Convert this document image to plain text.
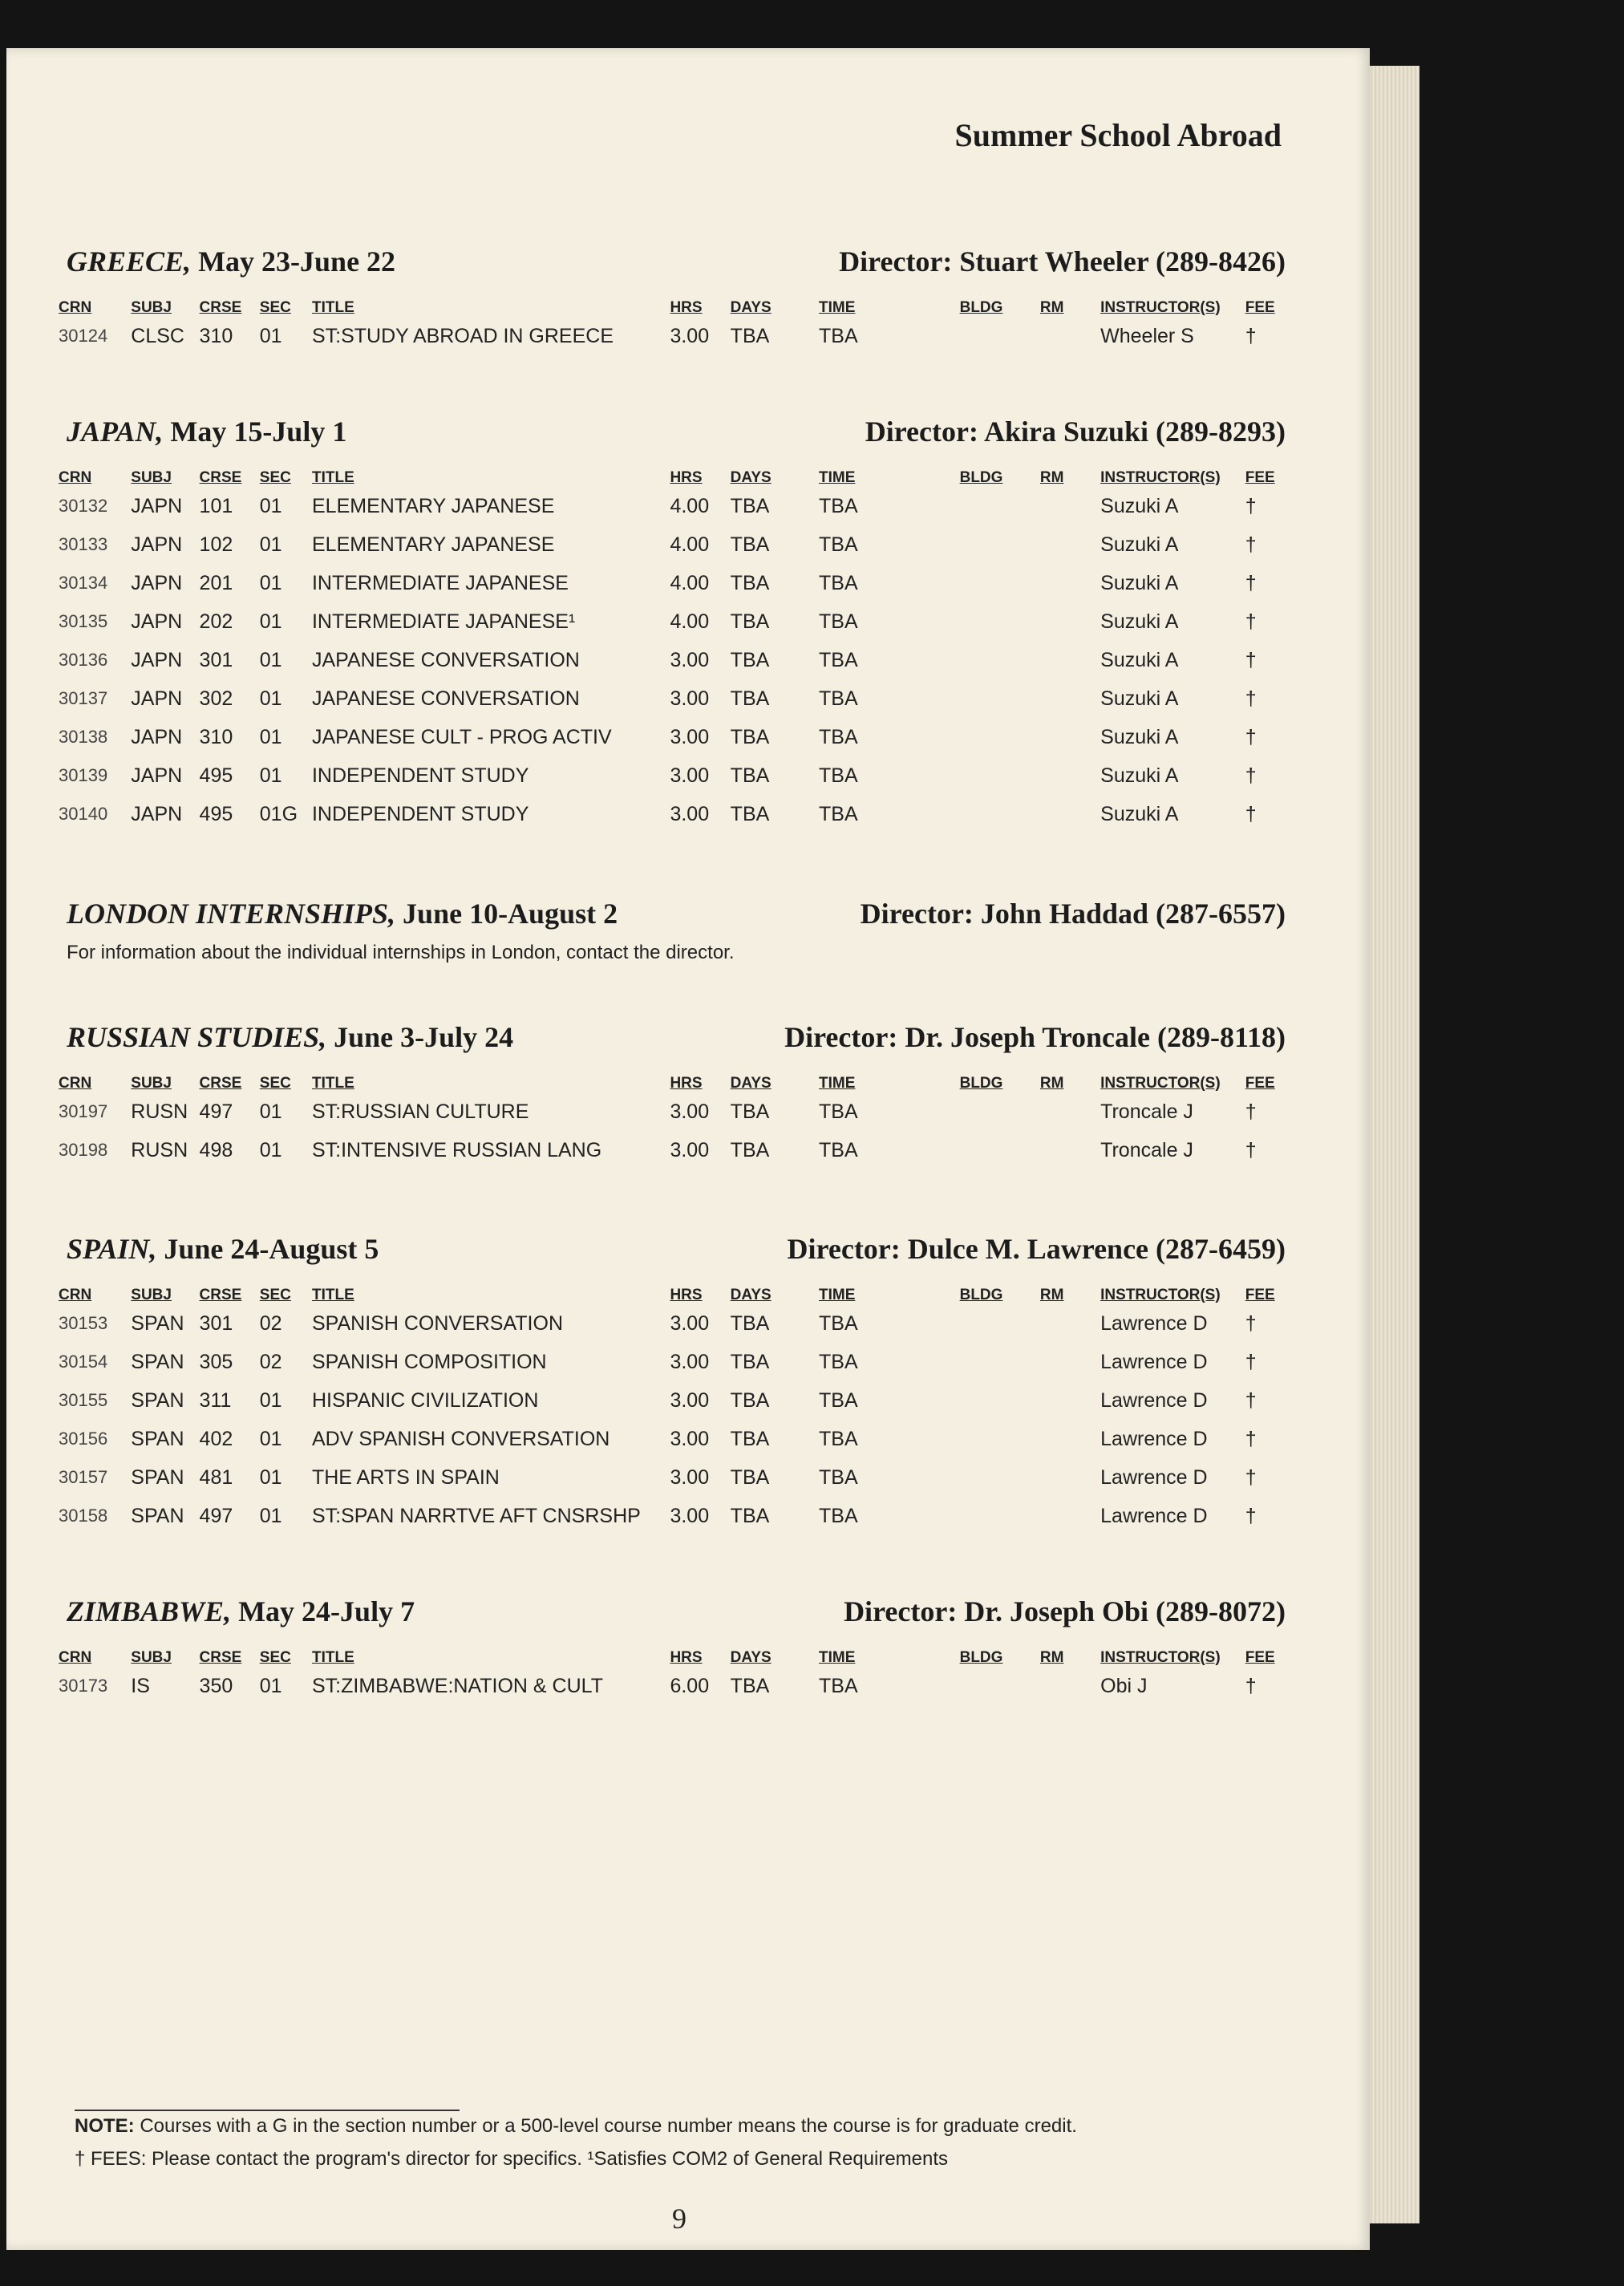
Summer School Abroad
GREECE, May 23-June 22	Director: Stuart Wheeler (289-8426)
CRN	SUBJ	CRSE	SEC	TITLE	HRS	DAYS	TIME	BLDG	RM	INSTRUCTOR(S)	FEE
30124	CLSC	310	01	ST:STUDY ABROAD IN GREECE	3.00	TBA	TBA			Wheeler S	†
JAPAN, May 15-July 1	Director: Akira Suzuki (289-8293)
CRN	SUBJ	CRSE	SEC	TITLE	HRS	DAYS	TIME	BLDG	RM	INSTRUCTOR(S)	FEE
30132	JAPN	101	01	ELEMENTARY JAPANESE	4.00	TBA	TBA			Suzuki A	†
30133	JAPN	102	01	ELEMENTARY JAPANESE	4.00	TBA	TBA			Suzuki A	†
30134	JAPN	201	01	INTERMEDIATE JAPANESE	4.00	TBA	TBA			Suzuki A	†
30135	JAPN	202	01	INTERMEDIATE JAPANESE¹	4.00	TBA	TBA			Suzuki A	†
30136	JAPN	301	01	JAPANESE CONVERSATION	3.00	TBA	TBA			Suzuki A	†
30137	JAPN	302	01	JAPANESE CONVERSATION	3.00	TBA	TBA			Suzuki A	†
30138	JAPN	310	01	JAPANESE CULT - PROG ACTIV	3.00	TBA	TBA			Suzuki A	†
30139	JAPN	495	01	INDEPENDENT STUDY	3.00	TBA	TBA			Suzuki A	†
30140	JAPN	495	01G	INDEPENDENT STUDY	3.00	TBA	TBA			Suzuki A	†
LONDON INTERNSHIPS, June 10-August 2	Director: John Haddad (287-6557)
For information about the individual internships in London, contact the director.
RUSSIAN STUDIES, June 3-July 24	Director: Dr. Joseph Troncale (289-8118)
CRN	SUBJ	CRSE	SEC	TITLE	HRS	DAYS	TIME	BLDG	RM	INSTRUCTOR(S)	FEE
30197	RUSN	497	01	ST:RUSSIAN CULTURE	3.00	TBA	TBA			Troncale J	†
30198	RUSN	498	01	ST:INTENSIVE RUSSIAN LANG	3.00	TBA	TBA			Troncale J	†
SPAIN, June 24-August 5	Director: Dulce M. Lawrence (287-6459)
CRN	SUBJ	CRSE	SEC	TITLE	HRS	DAYS	TIME	BLDG	RM	INSTRUCTOR(S)	FEE
30153	SPAN	301	02	SPANISH CONVERSATION	3.00	TBA	TBA			Lawrence D	†
30154	SPAN	305	02	SPANISH COMPOSITION	3.00	TBA	TBA			Lawrence D	†
30155	SPAN	311	01	HISPANIC CIVILIZATION	3.00	TBA	TBA			Lawrence D	†
30156	SPAN	402	01	ADV SPANISH CONVERSATION	3.00	TBA	TBA			Lawrence D	†
30157	SPAN	481	01	THE ARTS IN SPAIN	3.00	TBA	TBA			Lawrence D	†
30158	SPAN	497	01	ST:SPAN NARRTVE AFT CNSRSHP	3.00	TBA	TBA			Lawrence D	†
ZIMBABWE, May 24-July 7	Director: Dr. Joseph Obi (289-8072)
CRN	SUBJ	CRSE	SEC	TITLE	HRS	DAYS	TIME	BLDG	RM	INSTRUCTOR(S)	FEE
30173	IS	350	01	ST:ZIMBABWE:NATION & CULT	6.00	TBA	TBA			Obi J	†
NOTE: Courses with a G in the section number or a 500-level course number means the course is for graduate credit.
† FEES: Please contact the program's director for specifics. ¹Satisfies COM2 of General Requirements
9
